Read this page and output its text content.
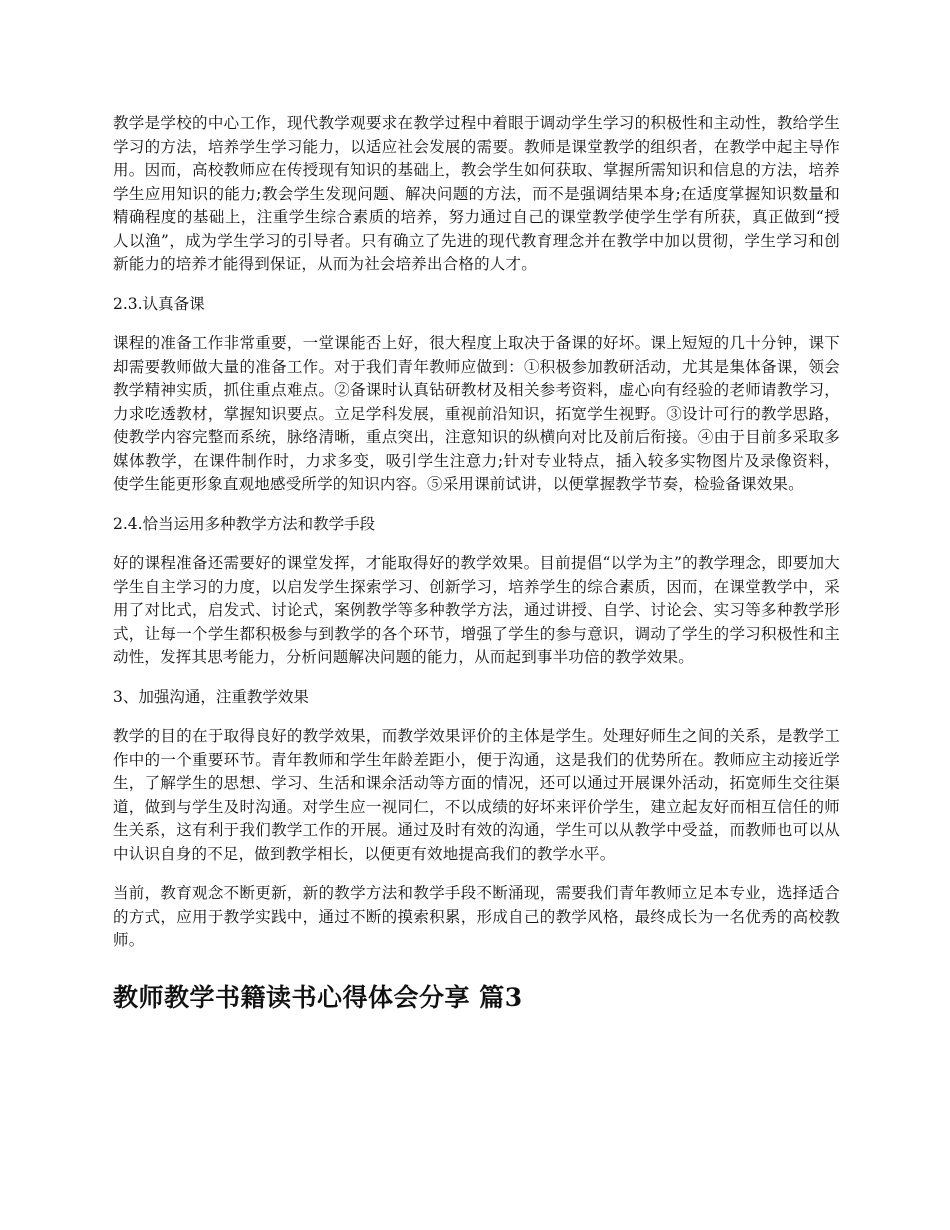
教学是学校的中心工作，现代教学观要求在教学过程中着眼于调动学生学习的积极性和主动性，教给学生学习的方法，培养学生学习能力，以适应社会发展的需要。教师是课堂教学的组织者，在教学中起主导作用。因而，高校教师应在传授现有知识的基础上，教会学生如何获取、掌握所需知识和信息的方法，培养学生应用知识的能力;教会学生发现问题、解决问题的方法，而不是强调结果本身;在适度掌握知识数量和精确程度的基础上，注重学生综合素质的培养，努力通过自己的课堂教学使学生学有所获，真正做到“授人以渔”，成为学生学习的引导者。只有确立了先进的现代教育理念并在教学中加以贯彻，学生学习和创新能力的培养才能得到保证，从而为社会培养出合格的人才。

2.3.认真备课

课程的准备工作非常重要，一堂课能否上好，很大程度上取决于备课的好坏。课上短短的几十分钟，课下却需要教师做大量的准备工作。对于我们青年教师应做到：①积极参加教研活动，尤其是集体备课，领会教学精神实质，抓住重点难点。②备课时认真钻研教材及相关参考资料，虚心向有经验的老师请教学习，力求吃透教材，掌握知识要点。立足学科发展，重视前沿知识，拓宽学生视野。③设计可行的教学思路，使教学内容完整而系统，脉络清晰，重点突出，注意知识的纵横向对比及前后衔接。④由于目前多采取多媒体教学，在课件制作时，力求多变，吸引学生注意力;针对专业特点，插入较多实物图片及录像资料，使学生能更形象直观地感受所学的知识内容。⑤采用课前试讲，以便掌握教学节奏，检验备课效果。

2.4.恰当运用多种教学方法和教学手段

好的课程准备还需要好的课堂发挥，才能取得好的教学效果。目前提倡“以学为主”的教学理念，即要加大学生自主学习的力度，以启发学生探索学习、创新学习，培养学生的综合素质，因而，在课堂教学中，采用了对比式，启发式、讨论式，案例教学等多种教学方法，通过讲授、自学、讨论会、实习等多种教学形式，让每一个学生都积极参与到教学的各个环节，增强了学生的参与意识，调动了学生的学习积极性和主动性，发挥其思考能力，分析问题解决问题的能力，从而起到事半功倍的教学效果。

3、加强沟通，注重教学效果

教学的目的在于取得良好的教学效果，而教学效果评价的主体是学生。处理好师生之间的关系，是教学工作中的一个重要环节。青年教师和学生年龄差距小，便于沟通，这是我们的优势所在。教师应主动接近学生，了解学生的思想、学习、生活和课余活动等方面的情况，还可以通过开展课外活动，拓宽师生交往渠道，做到与学生及时沟通。对学生应一视同仁，不以成绩的好坏来评价学生，建立起友好而相互信任的师生关系，这有利于我们教学工作的开展。通过及时有效的沟通，学生可以从教学中受益，而教师也可以从中认识自身的不足，做到教学相长，以便更有效地提高我们的教学水平。

当前，教育观念不断更新，新的教学方法和教学手段不断涌现，需要我们青年教师立足本专业，选择适合的方式，应用于教学实践中，通过不断的摸索积累，形成自己的教学风格，最终成长为一名优秀的高校教师。

教师教学书籍读书心得体会分享 篇3
